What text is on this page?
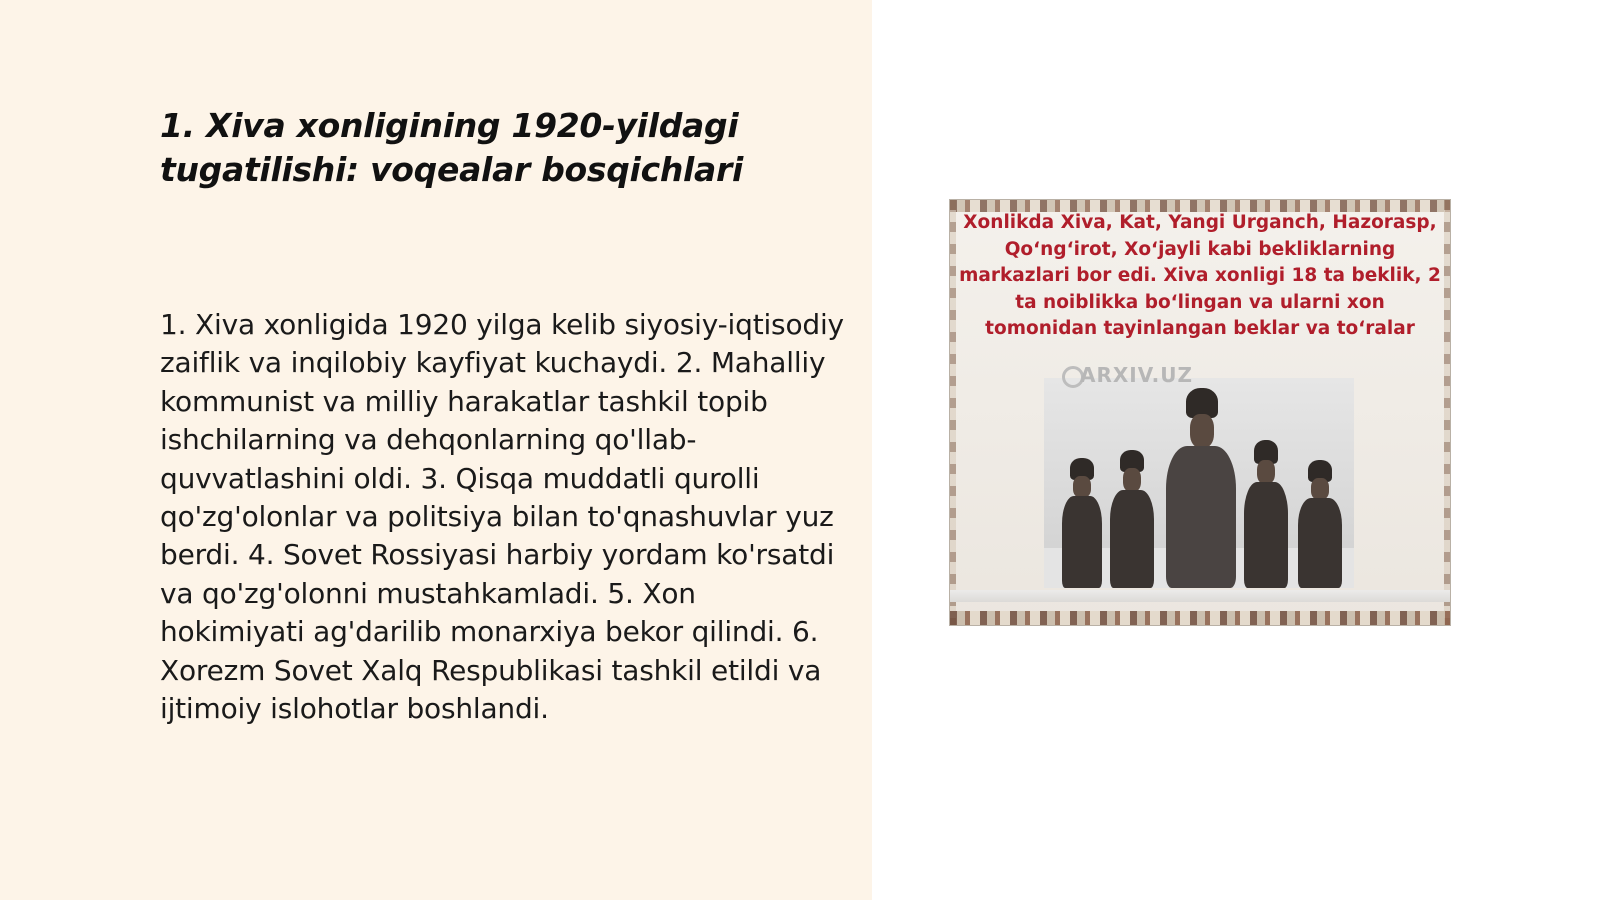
1. Xiva xonligining 1920-yildagi tugatilishi: voqealar bosqichlari

1. Xiva xonligida 1920 yilga kelib siyosiy-iqtisodiy zaiflik va inqilobiy kayfiyat kuchaydi. 2. Mahalliy kommunist va milliy harakatlar tashkil topib ishchilarning va dehqonlarning qo'llab-quvvatlashini oldi. 3. Qisqa muddatli qurolli qo'zg'olonlar va politsiya bilan to'qnashuvlar yuz berdi. 4. Sovet Rossiyasi harbiy yordam ko'rsatdi va qo'zg'olonni mustahkamladi. 5. Xon hokimiyati ag'darilib monarxiya bekor qilindi. 6. Xorezm Sovet Xalq Respublikasi tashkil etildi va ijtimoiy islohotlar boshlandi.

Xonlikda Xiva, Kat, Yangi Urganch, Hazorasp, Qo‘ng‘irot, Xo‘jayli kabi bekliklarning markazlari bor edi. Xiva xonligi 18 ta beklik, 2 ta noiblikka bo‘lingan va ularni xon tomonidan tayinlangan beklar va to‘ralar

ARXIV.UZ
